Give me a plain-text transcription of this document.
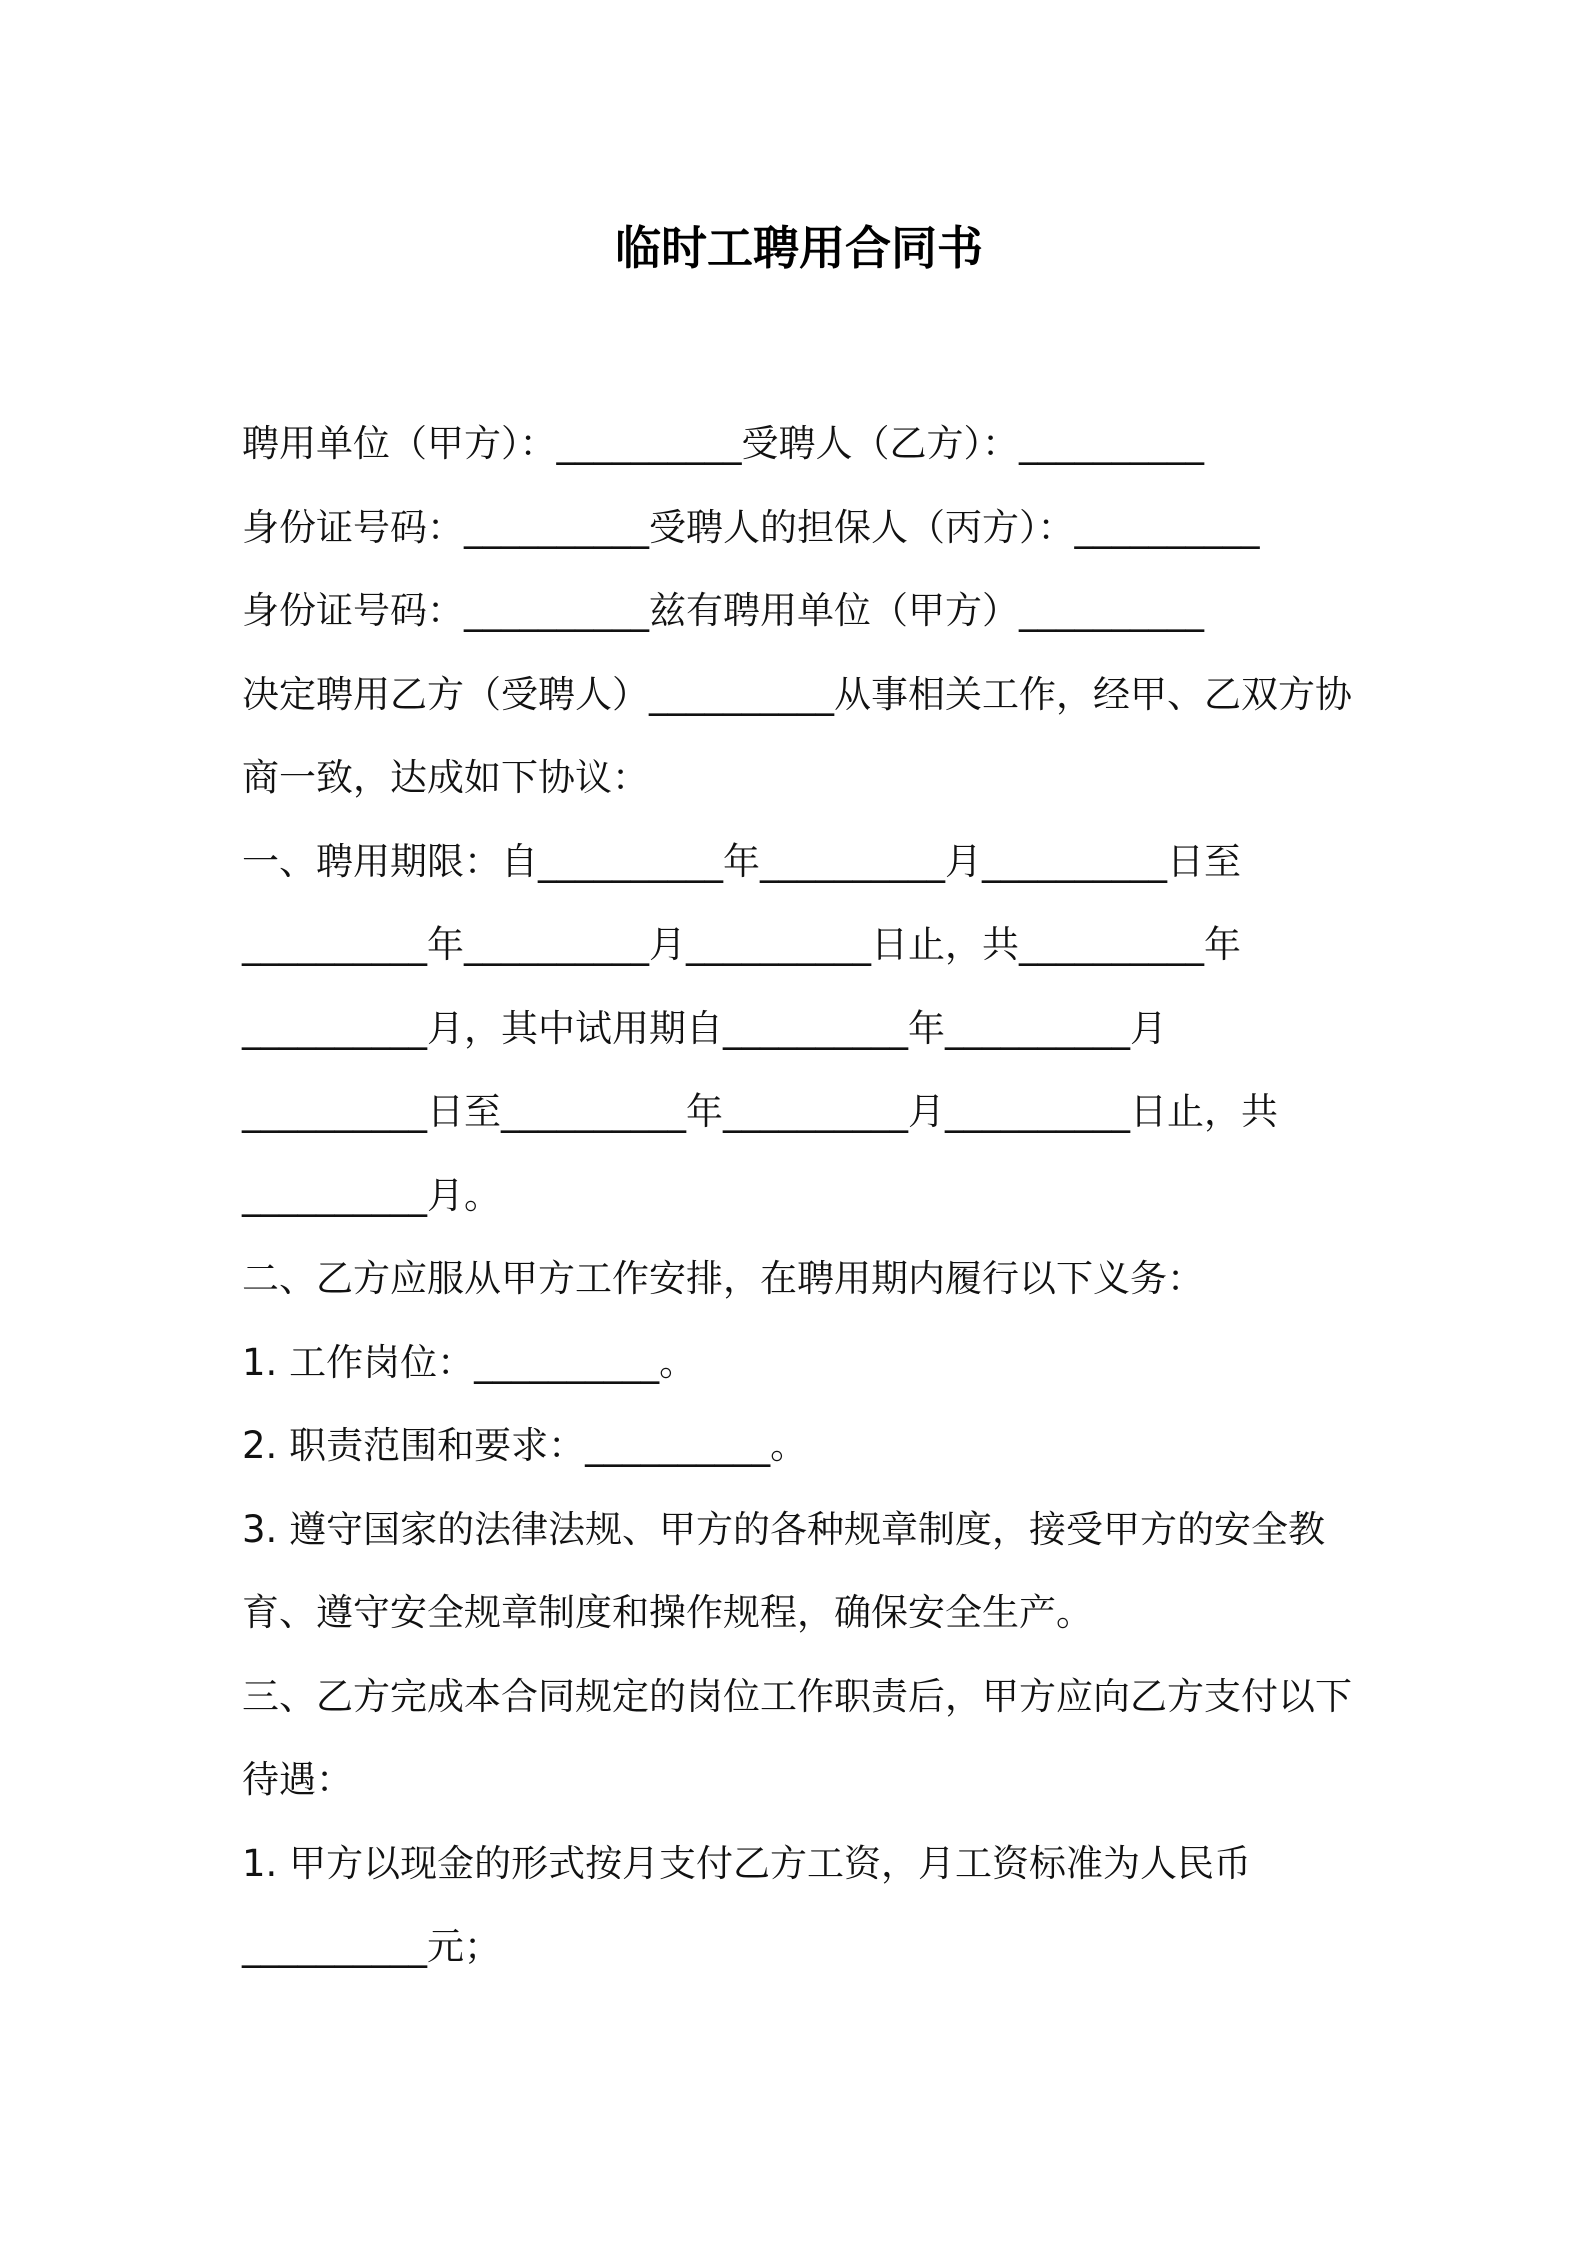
临时工聘用合同书
聘用单位（甲方）：__________受聘人（乙方）：__________
身份证号码：__________受聘人的担保人（丙方）：__________
身份证号码：__________兹有聘用单位（甲方）__________
决定聘用乙方（受聘人）__________从事相关工作，经甲、乙双方协
商一致，达成如下协议：
一、聘用期限：自__________年__________月__________日至
__________年__________月__________日止，共__________年
__________月，其中试用期自__________年__________月
__________日至__________年__________月__________日止，共
__________月。
二、乙方应服从甲方工作安排，在聘用期内履行以下义务：
1. 工作岗位：__________。
2. 职责范围和要求：__________。
3. 遵守国家的法律法规、甲方的各种规章制度，接受甲方的安全教
育、遵守安全规章制度和操作规程，确保安全生产。
三、乙方完成本合同规定的岗位工作职责后，甲方应向乙方支付以下
待遇：
1. 甲方以现金的形式按月支付乙方工资，月工资标准为人民币
__________元；
